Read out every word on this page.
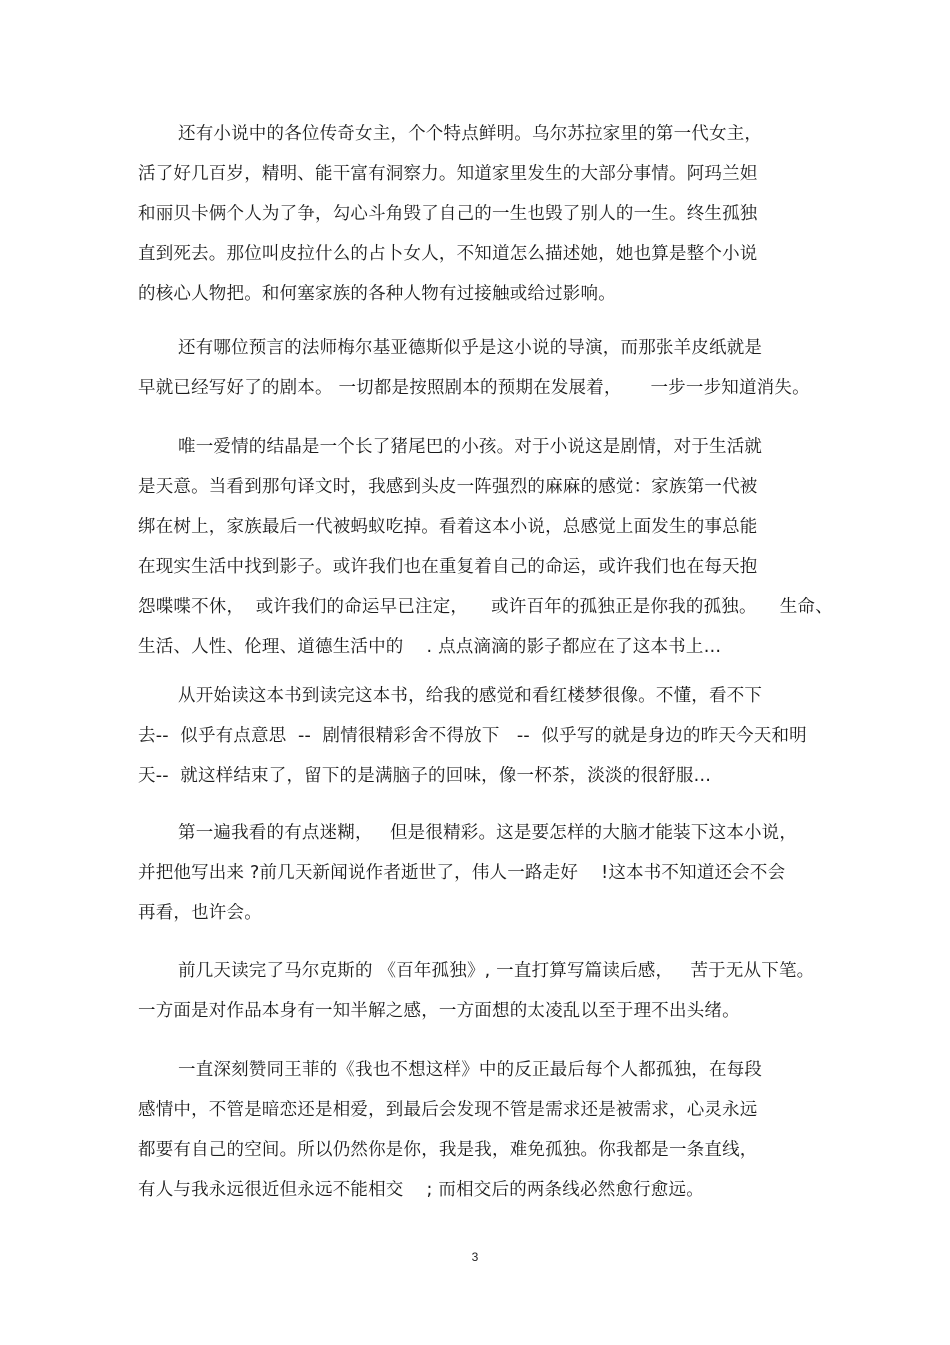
还有小说中的各位传奇女主，个个特点鲜明。乌尔苏拉家里的第一代女主，
活了好几百岁，精明、能干富有洞察力。知道家里发生的大部分事情。阿玛兰妲
和丽贝卡俩个人为了争，勾心斗角毁了自己的一生也毁了别人的一生。终生孤独
直到死去。那位叫皮拉什么的占卜女人，不知道怎么描述她，她也算是整个小说
的核心人物把。和何塞家族的各种人物有过接触或给过影响。
还有哪位预言的法师梅尔基亚德斯似乎是这小说的导演，而那张羊皮纸就是
早就已经写好了的剧本。 一切都是按照剧本的预期在发展着，     一步一步知道消失。
唯一爱情的结晶是一个长了猪尾巴的小孩。对于小说这是剧情，对于生活就
是天意。当看到那句译文时，我感到头皮一阵强烈的麻麻的感觉：家族第一代被
绑在树上，家族最后一代被蚂蚁吃掉。看着这本小说，总感觉上面发生的事总能
在现实生活中找到影子。或许我们也在重复着自己的命运，或许我们也在每天抱
怨喋喋不休，  或许我们的命运早已注定，    或许百年的孤独正是你我的孤独。    生命、
生活、人性、伦理、道德生活中的    . 点点滴滴的影子都应在了这本书上…
从开始读这本书到读完这本书，给我的感觉和看红楼梦很像。不懂，看不下
去--  似乎有点意思  --  剧情很精彩舍不得放下   --  似乎写的就是身边的昨天今天和明
天--  就这样结束了，留下的是满脑子的回味，像一杯茶，淡淡的很舒服…
第一遍我看的有点迷糊，   但是很精彩。这是要怎样的大脑才能装下这本小说，
并把他写出来 ?前几天新闻说作者逝世了，伟人一路走好    !这本书不知道还会不会
再看，也许会。
前几天读完了马尔克斯的 《百年孤独》, 一直打算写篇读后感，   苦于无从下笔。
一方面是对作品本身有一知半解之感，一方面想的太凌乱以至于理不出头绪。
一直深刻赞同王菲的《我也不想这样》中的反正最后每个人都孤独，在每段
感情中，不管是暗恋还是相爱，到最后会发现不管是需求还是被需求，心灵永远
都要有自己的空间。所以仍然你是你，我是我，难免孤独。你我都是一条直线，
有人与我永远很近但永远不能相交    ; 而相交后的两条线必然愈行愈远。
3
